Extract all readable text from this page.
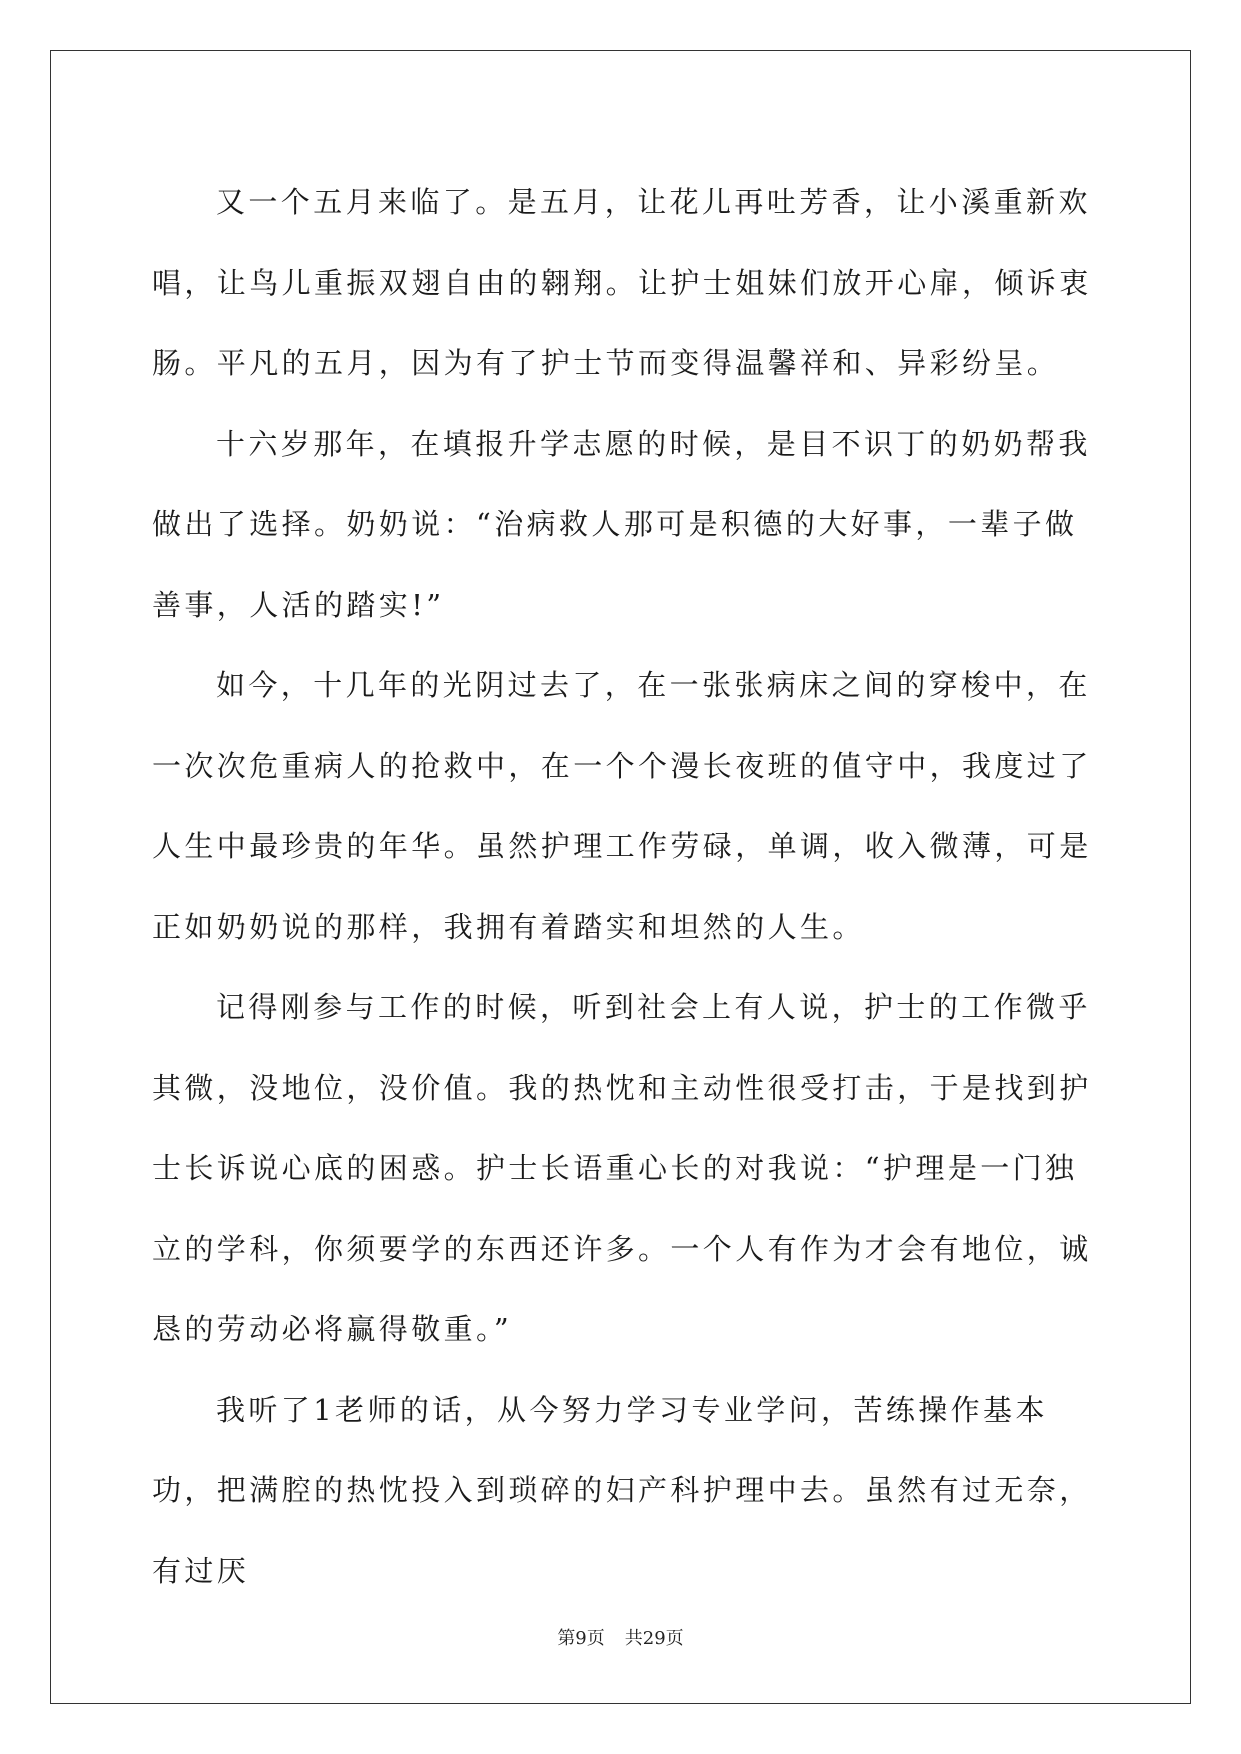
又一个五月来临了。是五月，让花儿再吐芳香，让小溪重新欢唱，让鸟儿重振双翅自由的翱翔。让护士姐妹们放开心扉，倾诉衷肠。平凡的五月，因为有了护士节而变得温馨祥和、异彩纷呈。

十六岁那年，在填报升学志愿的时候，是目不识丁的奶奶帮我做出了选择。奶奶说：“治病救人那可是积德的大好事，一辈子做善事，人活的踏实!”

如今，十几年的光阴过去了，在一张张病床之间的穿梭中，在一次次危重病人的抢救中，在一个个漫长夜班的值守中，我度过了人生中最珍贵的年华。虽然护理工作劳碌，单调，收入微薄，可是正如奶奶说的那样，我拥有着踏实和坦然的人生。

记得刚参与工作的时候，听到社会上有人说，护士的工作微乎其微，没地位，没价值。我的热忱和主动性很受打击，于是找到护士长诉说心底的困惑。护士长语重心长的对我说：“护理是一门独立的学科，你须要学的东西还许多。一个人有作为才会有地位，诚恳的劳动必将赢得敬重。”

我听了1老师的话，从今努力学习专业学问，苦练操作基本功，把满腔的热忱投入到琐碎的妇产科护理中去。虽然有过无奈，有过厌

第9页 共29页
